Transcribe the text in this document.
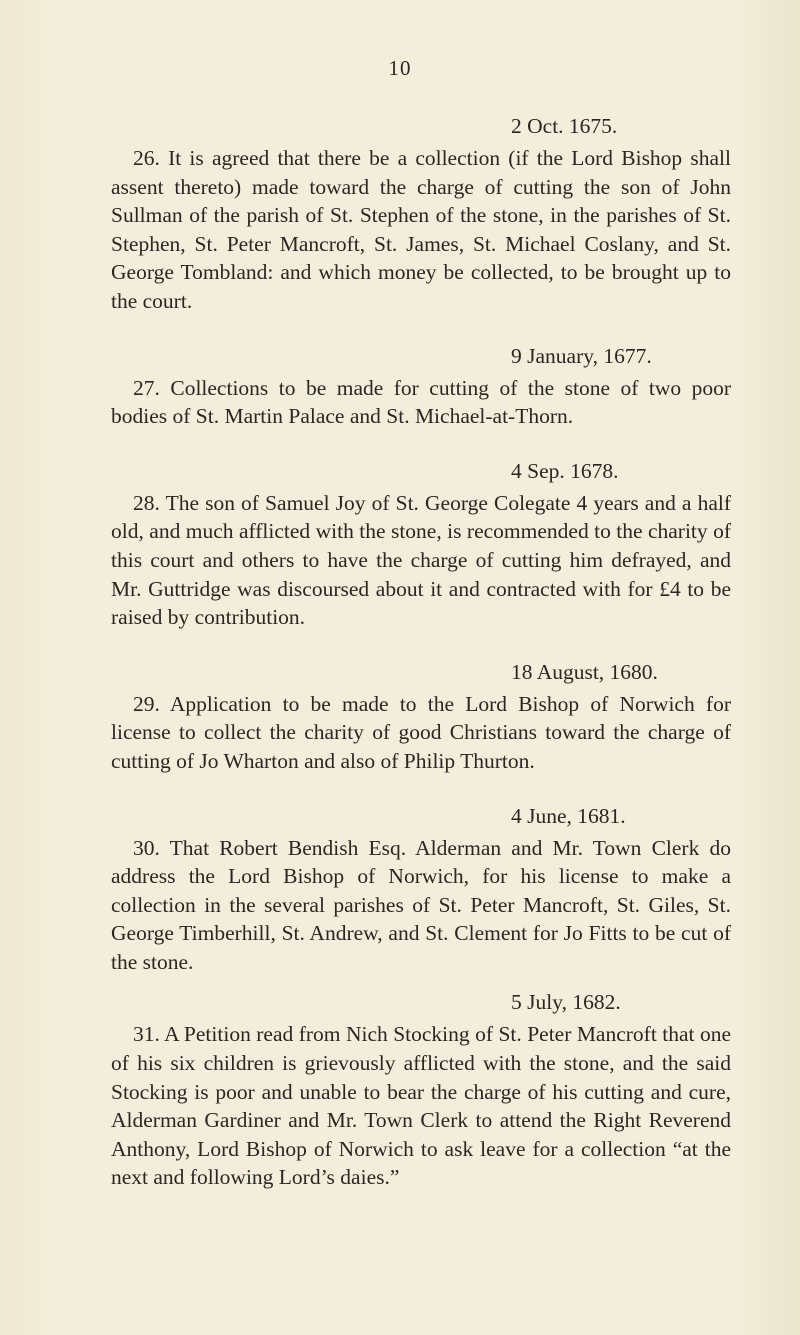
10
2 Oct. 1675.

26. It is agreed that there be a collection (if the Lord Bishop shall assent thereto) made toward the charge of cutting the son of John Sullman of the parish of St. Stephen of the stone, in the parishes of St. Stephen, St. Peter Mancroft, St. James, St. Michael Coslany, and St. George Tombland: and which money be collected, to be brought up to the court.

9 January, 1677.

27. Collections to be made for cutting of the stone of two poor bodies of St. Martin Palace and St. Michael-at-Thorn.

4 Sep. 1678.

28. The son of Samuel Joy of St. George Colegate 4 years and a half old, and much afflicted with the stone, is recommended to the charity of this court and others to have the charge of cutting him defrayed, and Mr. Guttridge was discoursed about it and contracted with for £4 to be raised by contribution.

18 August, 1680.

29. Application to be made to the Lord Bishop of Norwich for license to collect the charity of good Christians toward the charge of cutting of Jo Wharton and also of Philip Thurton.

4 June, 1681.

30. That Robert Bendish Esq. Alderman and Mr. Town Clerk do address the Lord Bishop of Norwich, for his license to make a collection in the several parishes of St. Peter Mancroft, St. Giles, St. George Timberhill, St. Andrew, and St. Clement for Jo Fitts to be cut of the stone.

5 July, 1682.

31. A Petition read from Nich Stocking of St. Peter Mancroft that one of his six children is grievously afflicted with the stone, and the said Stocking is poor and unable to bear the charge of his cutting and cure, Alderman Gardiner and Mr. Town Clerk to attend the Right Reverend Anthony, Lord Bishop of Norwich to ask leave for a collection “at the next and following Lord’s daies.”
